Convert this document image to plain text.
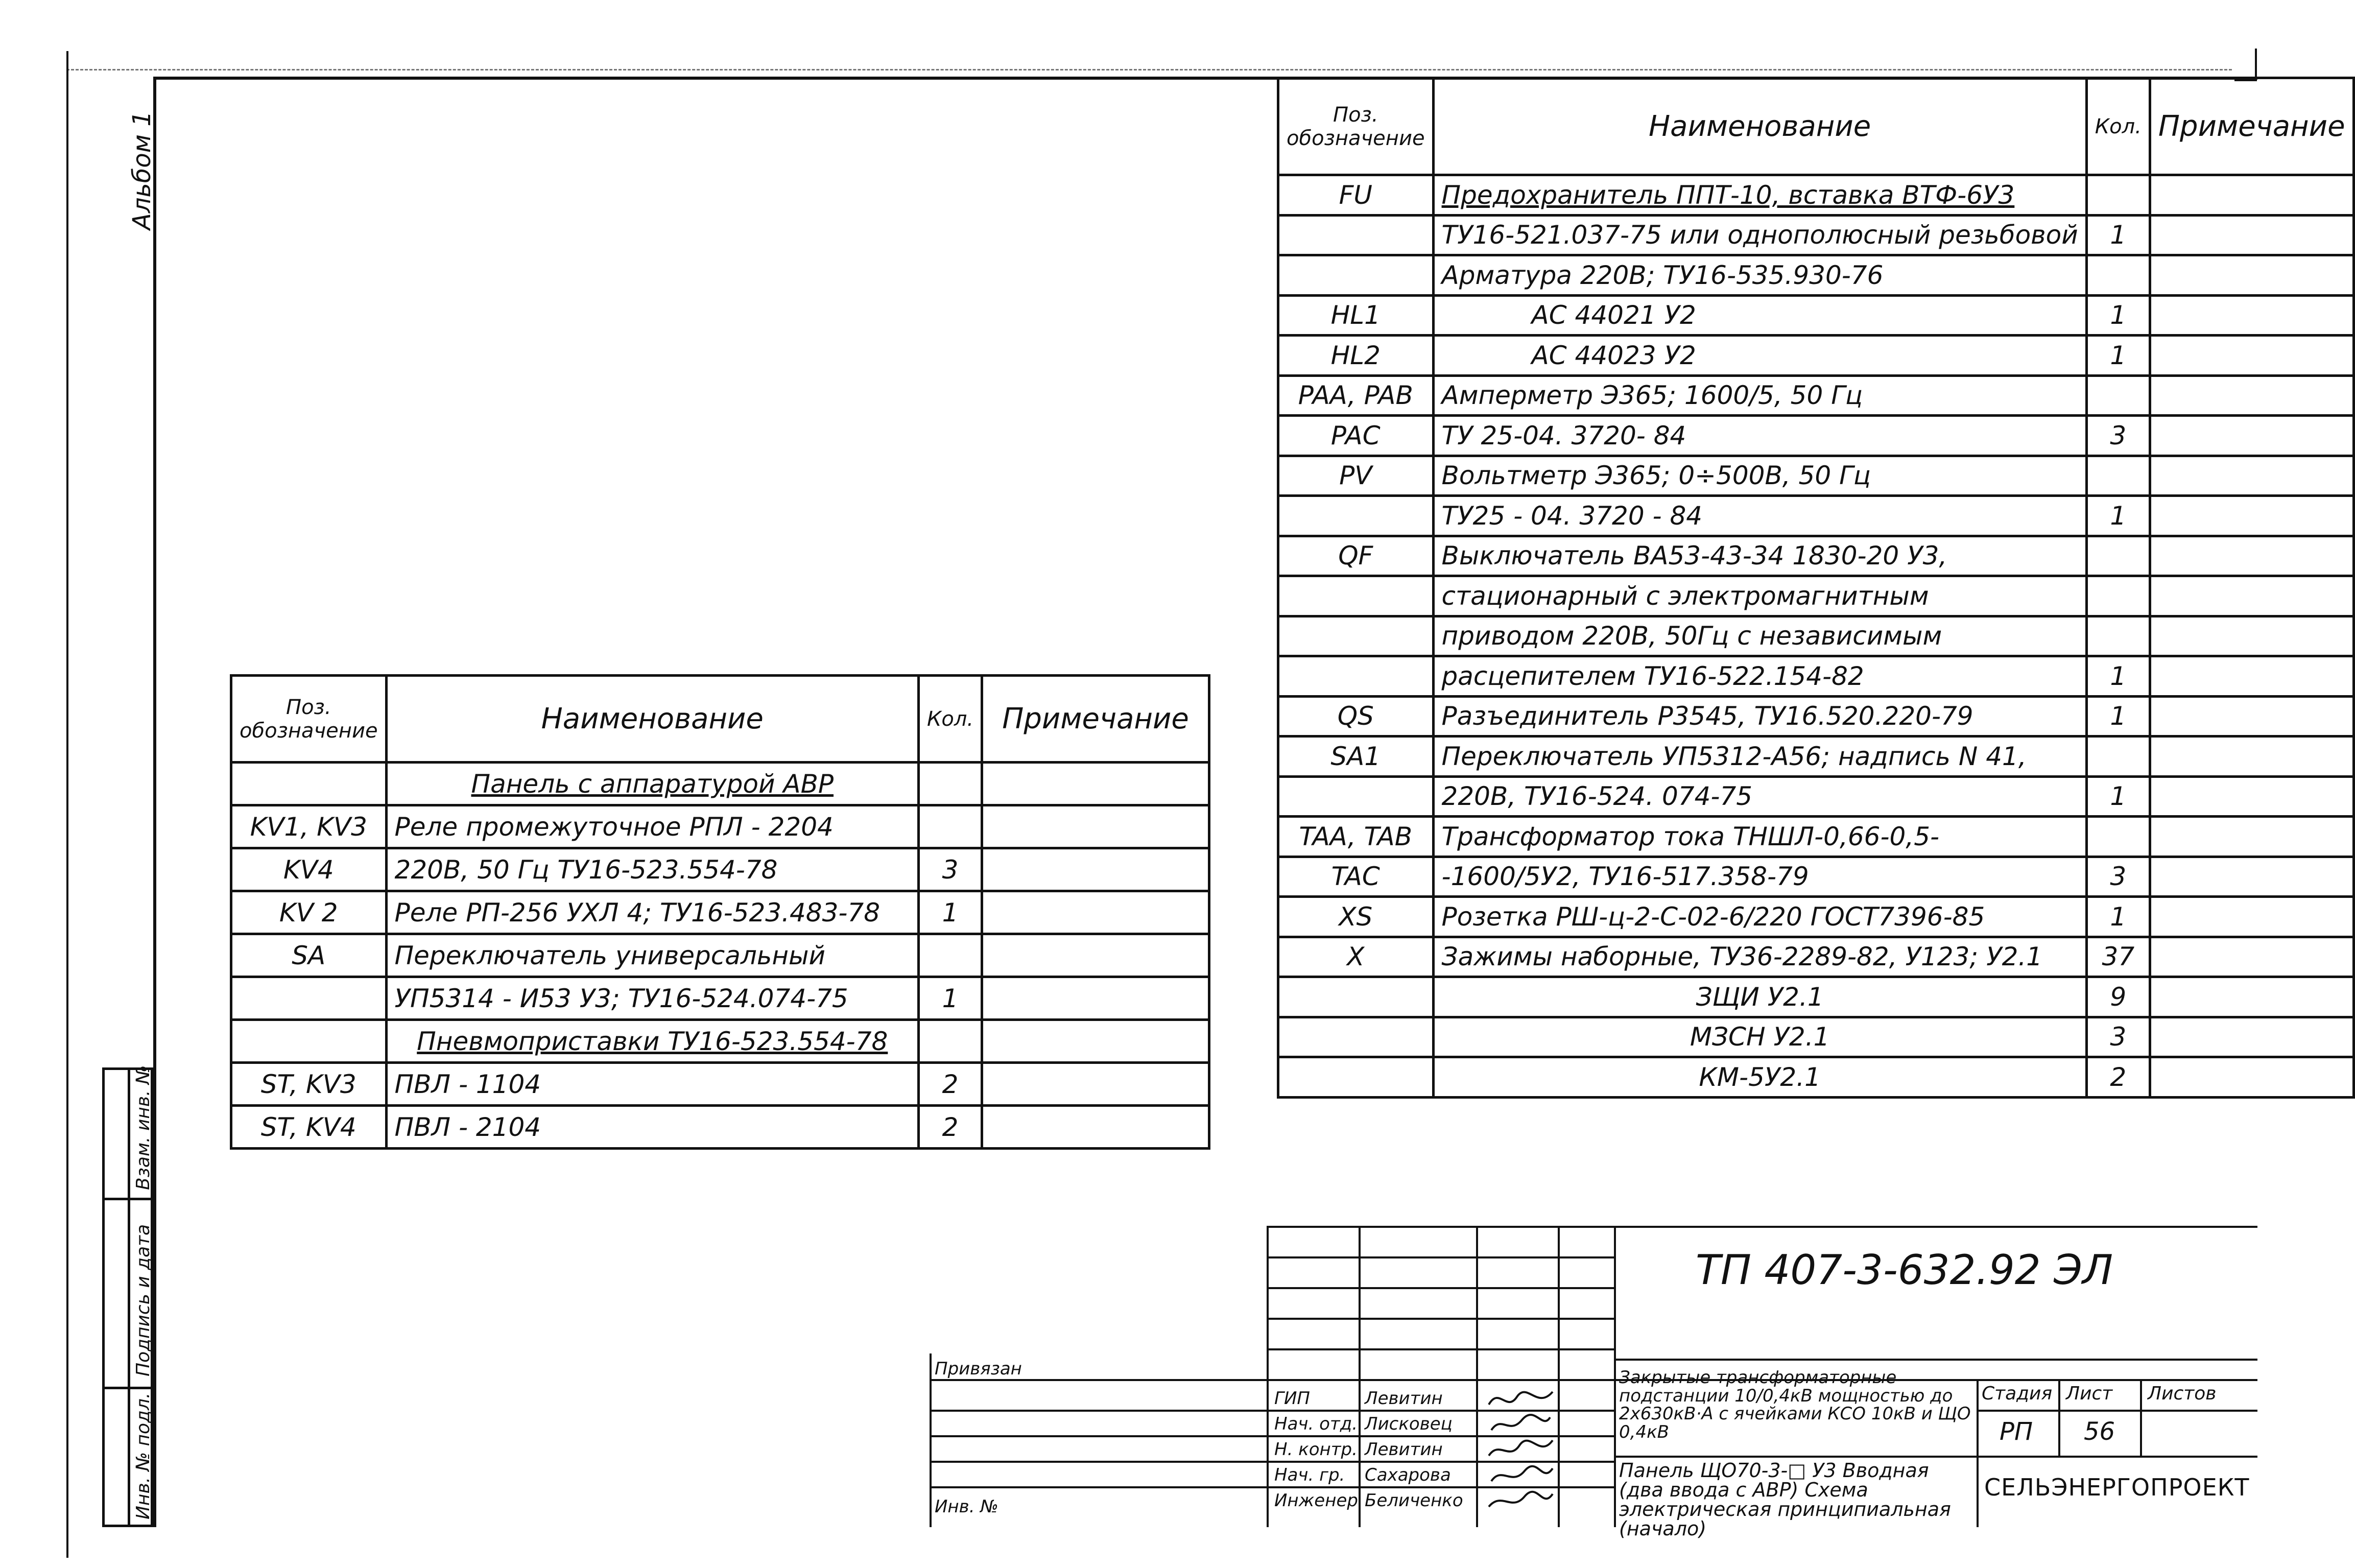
Альбом 1
Взам. инв. №
Подпись и дата
Инв. № подл.
Поз. обозначение	Наименование	Кол.	Примечание
	Панель с аппаратурой АВР		
KV1, KV3	Реле промежуточное РПЛ - 2204		
KV4	220В, 50 Гц ТУ16-523.554-78	3	
KV 2	Реле РП-256 УХЛ 4; ТУ16-523.483-78	1	
SA	Переключатель универсальный		
	УП5314 - И53 У3; ТУ16-524.074-75	1	
	Пневмоприставки ТУ16-523.554-78		
ST, KV3	ПВЛ - 1104	2	
ST, KV4	ПВЛ - 2104	2	
Поз. обозначение	Наименование	Кол.	Примечание
FU	Предохранитель ППТ-10, вставка ВТФ-6У3		
	ТУ16-521.037-75 или однополюсный резьбовой	1	
	Арматура 220В; ТУ16-535.930-76		
HL1	АС 44021 У2	1	
HL2	АС 44023 У2	1	
PAA, PAB	Амперметр Э365; 1600/5, 50 Гц		
PAC	ТУ 25-04. 3720- 84	3	
PV	Вольтметр Э365; 0÷500В, 50 Гц		
	ТУ25 - 04. 3720 - 84	1	
QF	Выключатель ВА53-43-34 1830-20 У3,		
	стационарный с электромагнитным		
	приводом 220В, 50Гц с независимым		
	расцепителем ТУ16-522.154-82	1	
QS	Разъединитель Р3545, ТУ16.520.220-79	1	
SA1	Переключатель УП5312-А56; надпись N 41,		
	220В, ТУ16-524. 074-75	1	
TAA, TAB	Трансформатор тока ТНШЛ-0,66-0,5-		
TAC	-1600/5У2, ТУ16-517.358-79	3	
XS	Розетка РШ-ц-2-С-02-6/220 ГОСТ7396-85	1	
X	Зажимы наборные, ТУ36-2289-82, У123; У2.1	37	
	ЗЩИ У2.1	9	
	МЗСН У2.1	3	
	КМ-5У2.1	2	
ТП 407-3-632.92 ЭЛ
Привязан
Инв. №
ГИП
Нач. отд.
Н. контр.
Нач. гр.
Инженер
Левитин
Лисковец
Левитин
Сахарова
Беличенко
Закрытые трансформаторные подстанции 10/0,4кВ мощностью до 2х630кВ·А с ячейками КСО 10кВ и ЩО 0,4кВ
Панель ЩО70-3-□ У3 Вводная (два ввода с АВР) Схема электрическая принципиальная (начало)
Стадия Лист Листов
РП 56
СЕЛЬЭНЕРГОПРОЕКТ
